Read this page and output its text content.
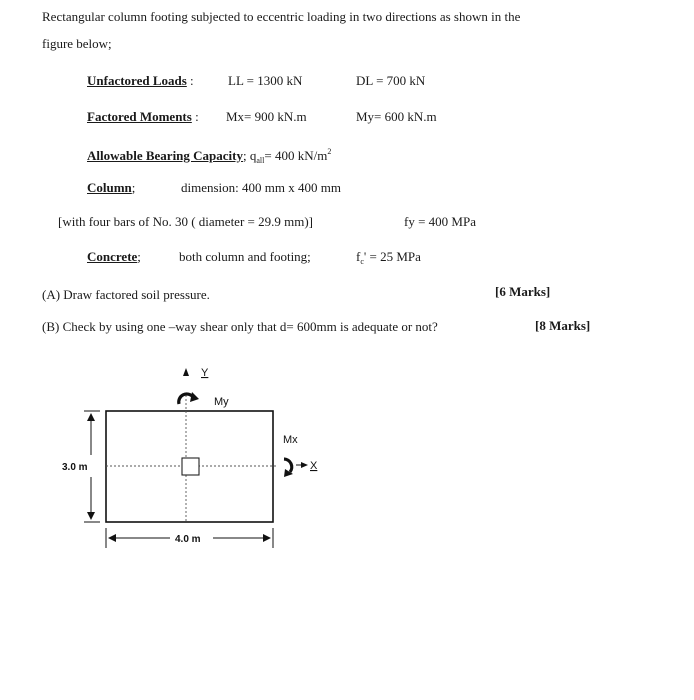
Rectangular column footing subjected to eccentric loading in two directions as shown in the
figure below;
Unfactored Loads :	LL = 1300 kN	DL = 700 kN
Factored Moments : Mx= 900 kN.m	My= 600 kN.m
Allowable Bearing Capacity; $q_{all}= 400$ $kN/m^2$
Column;	dimension: 400 mm x 400 mm
[with four bars of No. 30 ( diameter = 29.9 mm)]	fy = 400 MPa
Concrete;	both column and footing;	$f_c' = 25$ MPa
(A) Draw factored soil pressure.	[6 Marks]
(B) Check by using one –way shear only that d= 600mm is adequate or not?	[8 Marks]
Y
My
Mx
X
3.0 m
4.0 m
